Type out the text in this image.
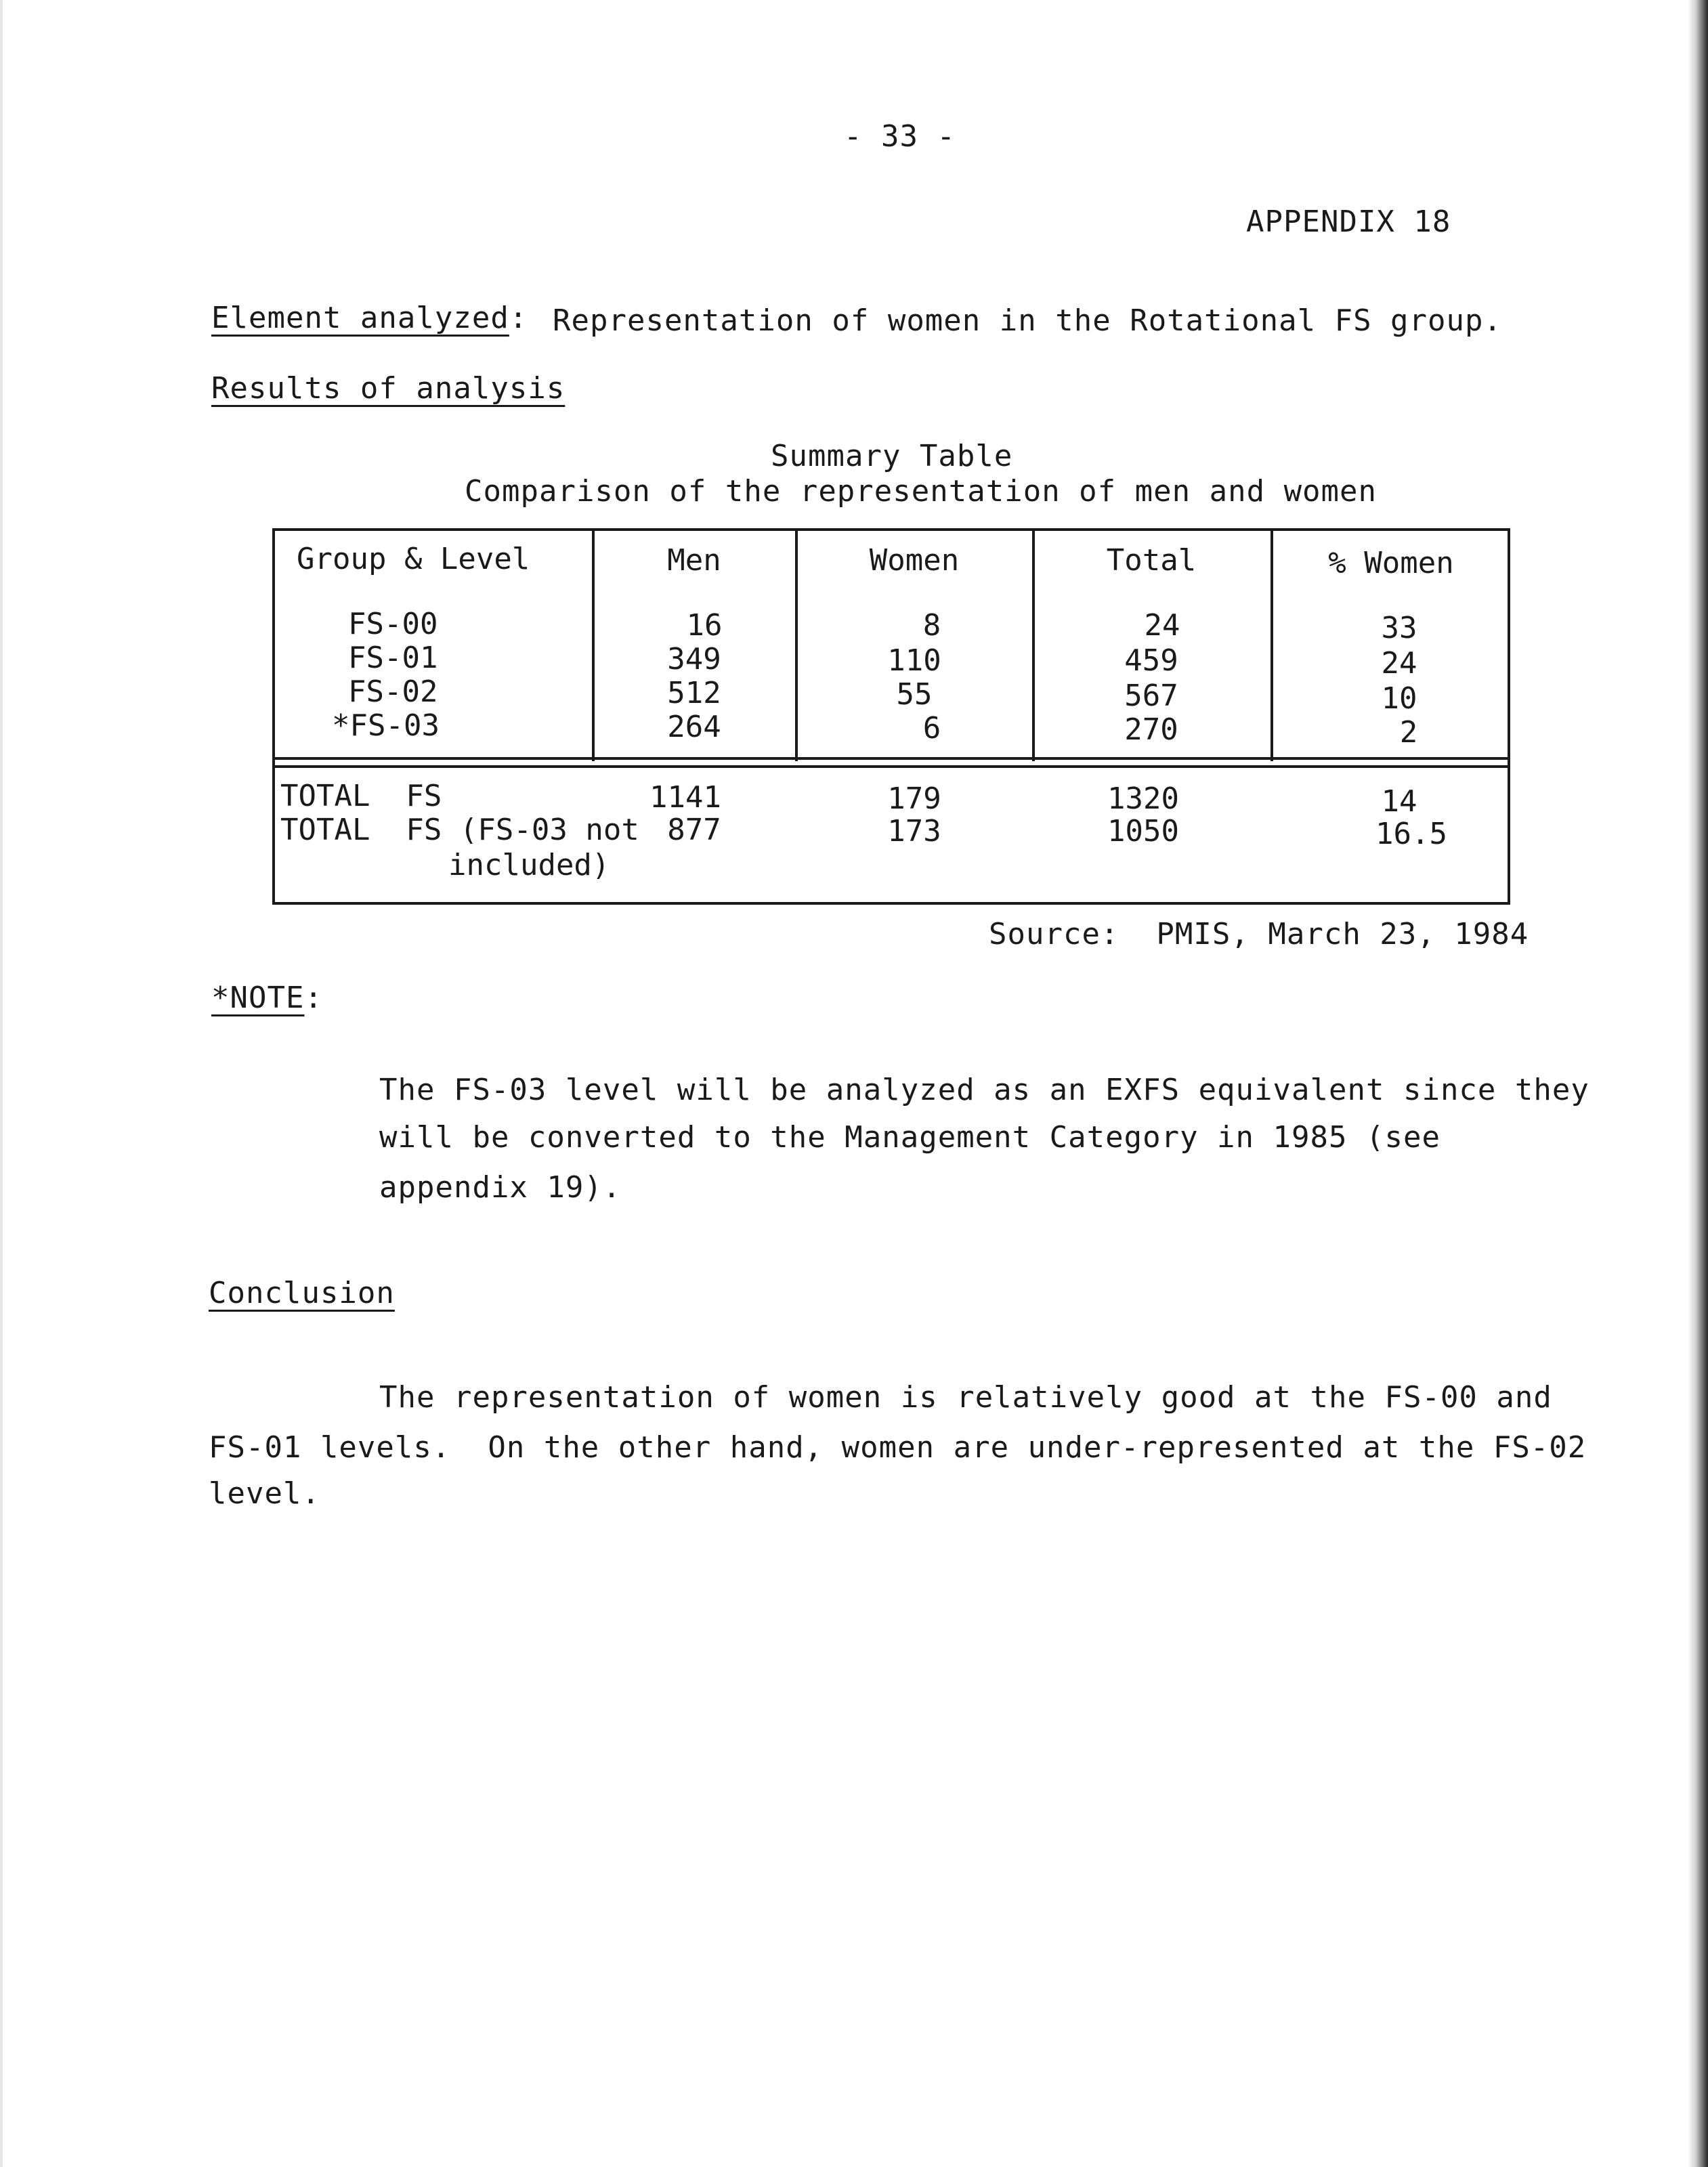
- 33 -
APPENDIX 18
Element analyzed: Representation of women in the Rotational FS group.
Results of analysis
Summary Table
Comparison of the representation of men and women
Group & Level	Men	Women	Total	% Women
FS-00	16	8	24	33
FS-01	349	110	459	24
FS-02	512	55	567	10
*FS-03	264	6	270	2
TOTAL  FS	1141	179	1320	14
TOTAL  FS (FS-03 not 877	173	1050	16.5
included)
Source:  PMIS, March 23, 1984
*NOTE:
The FS-03 level will be analyzed as an EXFS equivalent since they
will be converted to the Management Category in 1985 (see
appendix 19).
Conclusion
The representation of women is relatively good at the FS-00 and
FS-01 levels.  On the other hand, women are under-represented at the FS-02
level.
